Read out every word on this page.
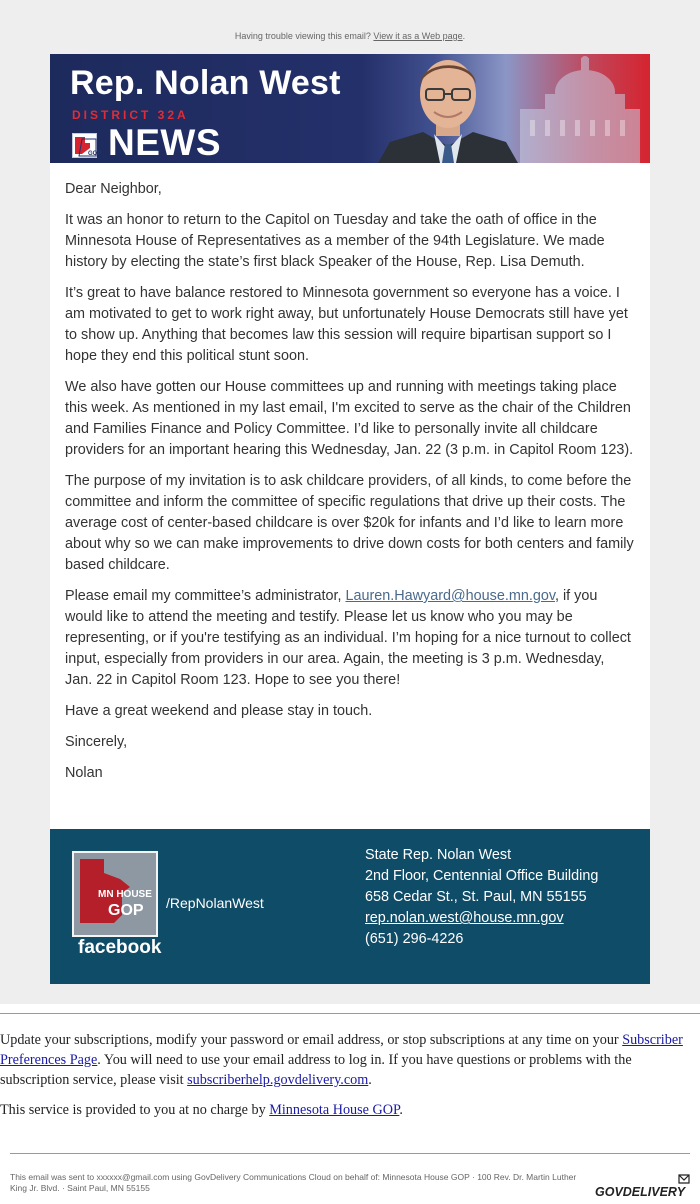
Having trouble viewing this email? View it as a Web page.
Rep. Nolan West
DISTRICT 32A
GOP NEWS

Dear Neighbor,

It was an honor to return to the Capitol on Tuesday and take the oath of office in the Minnesota House of Representatives as a member of the 94th Legislature. We made history by electing the state’s first black Speaker of the House, Rep. Lisa Demuth.

It’s great to have balance restored to Minnesota government so everyone has a voice. I am motivated to get to work right away, but unfortunately House Democrats still have yet to show up. Anything that becomes law this session will require bipartisan support so I hope they end this political stunt soon.

We also have gotten our House committees up and running with meetings taking place this week. As mentioned in my last email, I'm excited to serve as the chair of the Children and Families Finance and Policy Committee. I’d like to personally invite all childcare providers for an important hearing this Wednesday, Jan. 22 (3 p.m. in Capitol Room 123).

The purpose of my invitation is to ask childcare providers, of all kinds, to come before the committee and inform the committee of specific regulations that drive up their costs. The average cost of center-based childcare is over $20k for infants and I’d like to learn more about why so we can make improvements to drive down costs for both centers and family based childcare.

Please email my committee’s administrator, Lauren.Hawyard@house.mn.gov, if you would like to attend the meeting and testify. Please let us know who you may be representing, or if you're testifying as an individual. I’m hoping for a nice turnout to collect input, especially from providers in our area. Again, the meeting is 3 p.m. Wednesday, Jan. 22 in Capitol Room 123. Hope to see you there!

Have a great weekend and please stay in touch.

Sincerely,

Nolan

MN HOUSE
GOP
facebook
/RepNolanWest
State Rep. Nolan West
2nd Floor, Centennial Office Building
658 Cedar St., St. Paul, MN 55155
rep.nolan.west@house.mn.gov
(651) 296-4226
Update your subscriptions, modify your password or email address, or stop subscriptions at any time on your Subscriber Preferences Page. You will need to use your email address to log in. If you have questions or problems with the subscription service, please visit subscriberhelp.govdelivery.com.
This service is provided to you at no charge by Minnesota House GOP.
This email was sent to xxxxxx@gmail.com using GovDelivery Communications Cloud on behalf of: Minnesota House GOP · 100 Rev. Dr. Martin Luther King Jr. Blvd. · Saint Paul, MN 55155	GOVDELIVERY
